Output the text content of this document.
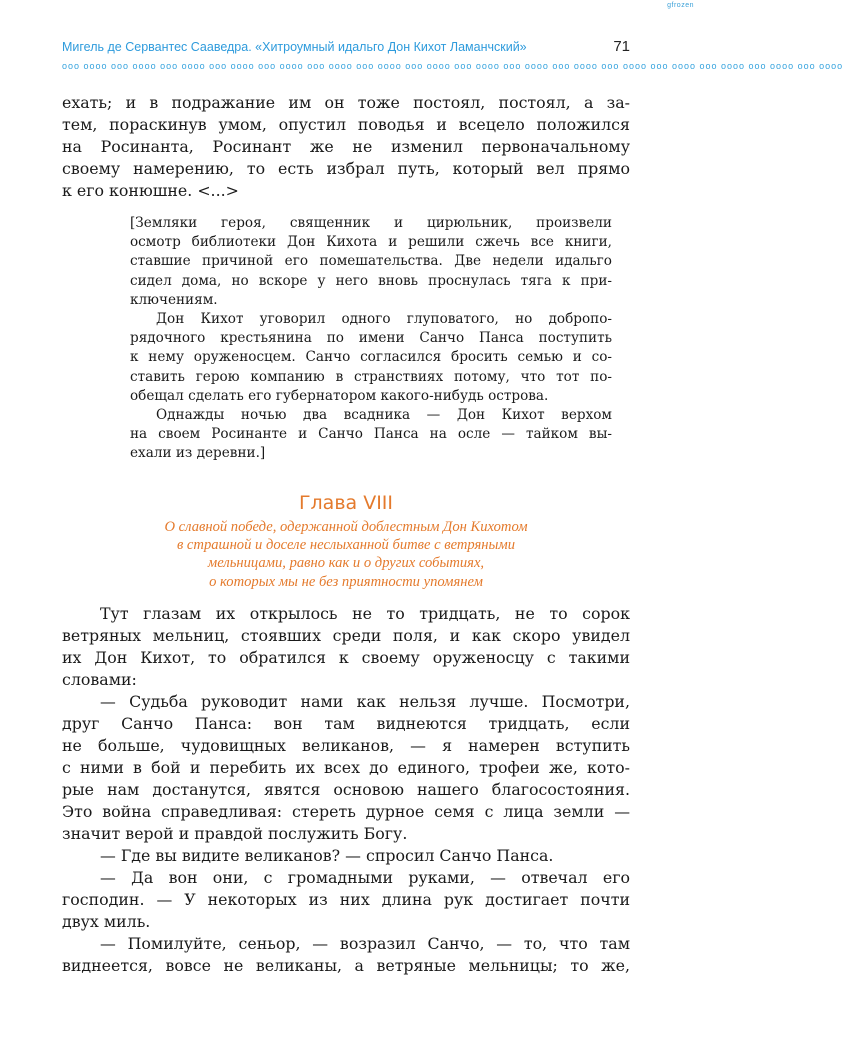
gfrozen
Мигель де Сервантес Сааведра. «Хитроумный идальго Дон Кихот Ламанчский»	71
ooo oooo ooo oooo ooo oooo ooo oooo ooo oooo ooo oooo ooo oooo ooo oooo ooo oooo ooo oooo ooo oooo ooo oooo ooo oooo ooo oooo ooo oooo ooo oooo

ехать; и в подражание им он тоже постоял, постоял, а за-

тем, пораскинув умом, опустил поводья и всецело положился

на Росинанта, Росинант же не изменил первоначальному

своему намерению, то есть избрал путь, который вел прямо

к его конюшне. <...>

[Земляки героя, священник и цирюльник, произвели

осмотр библиотеки Дон Кихота и решили сжечь все книги,

ставшие причиной его помешательства. Две недели идальго

сидел дома, но вскоре у него вновь проснулась тяга к при-

ключениям.

Дон Кихот уговорил одного глуповатого, но добропо-

рядочного крестьянина по имени Санчо Панса поступить

к нему оруженосцем. Санчо согласился бросить семью и со-

ставить герою компанию в странствиях потому, что тот по-

обещал сделать его губернатором какого-нибудь острова.

Однажды ночью два всадника — Дон Кихот верхом

на своем Росинанте и Санчо Панса на осле — тайком вы-

ехали из деревни.]

Глава VIII
О славной победе, одержанной доблестным Дон Кихотом
в страшной и доселе неслыханной битве с ветряными
мельницами, равно как и о других событиях,
о которых мы не без приятности упомянем

Тут глазам их открылось не то тридцать, не то сорок

ветряных мельниц, стоявших среди поля, и как скоро увидел

их Дон Кихот, то обратился к своему оруженосцу с такими

словами:

— Судьба руководит нами как нельзя лучше. Посмотри,

друг Санчо Панса: вон там виднеются тридцать, если

не больше, чудовищных великанов, — я намерен вступить

с ними в бой и перебить их всех до единого, трофеи же, кото-

рые нам достанутся, явятся основою нашего благосостояния.

Это война справедливая: стереть дурное семя с лица земли —

значит верой и правдой послужить Богу.

— Где вы видите великанов? — спросил Санчо Панса.

— Да вон они, с громадными руками, — отвечал его

господин. — У некоторых из них длина рук достигает почти

двух миль.

— Помилуйте, сеньор, — возразил Санчо, — то, что там

виднеется, вовсе не великаны, а ветряные мельницы; то же,
